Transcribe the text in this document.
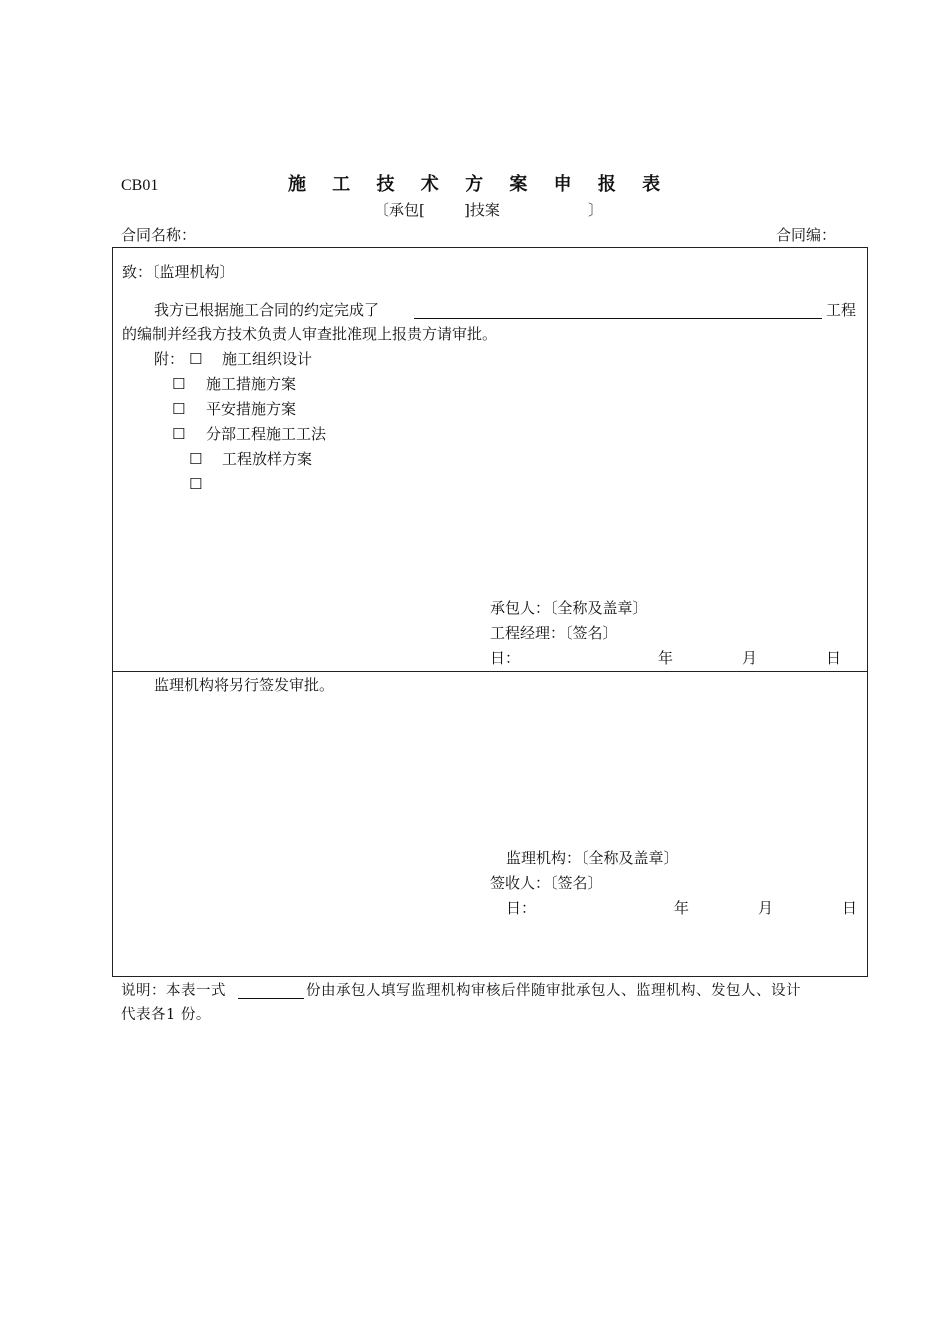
CB01	施 工 技 术 方 案 申 报 表
〔承包[	]技案	〕
合同名称：	合同编：
致：〔监理机构〕
我方已根据施工合同的约定完成了	工程
的编制并经我方技术负责人审查批准现上报贵方请审批。
附： ☐ 施工组织设计
☐ 施工措施方案
☐ 平安措施方案
☐ 分部工程施工工法
☐ 工程放样方案
☐
承包人：〔全称及盖章〕
工程经理：〔签名〕
日：	年	月	日
监理机构将另行签发审批。
监理机构：〔全称及盖章〕
签收人：〔签名〕
日：	年	月	日
说明：本表一式	份由承包人填写监理机构审核后伴随审批承包人、监理机构、发包人、设计
代表各1 份。
